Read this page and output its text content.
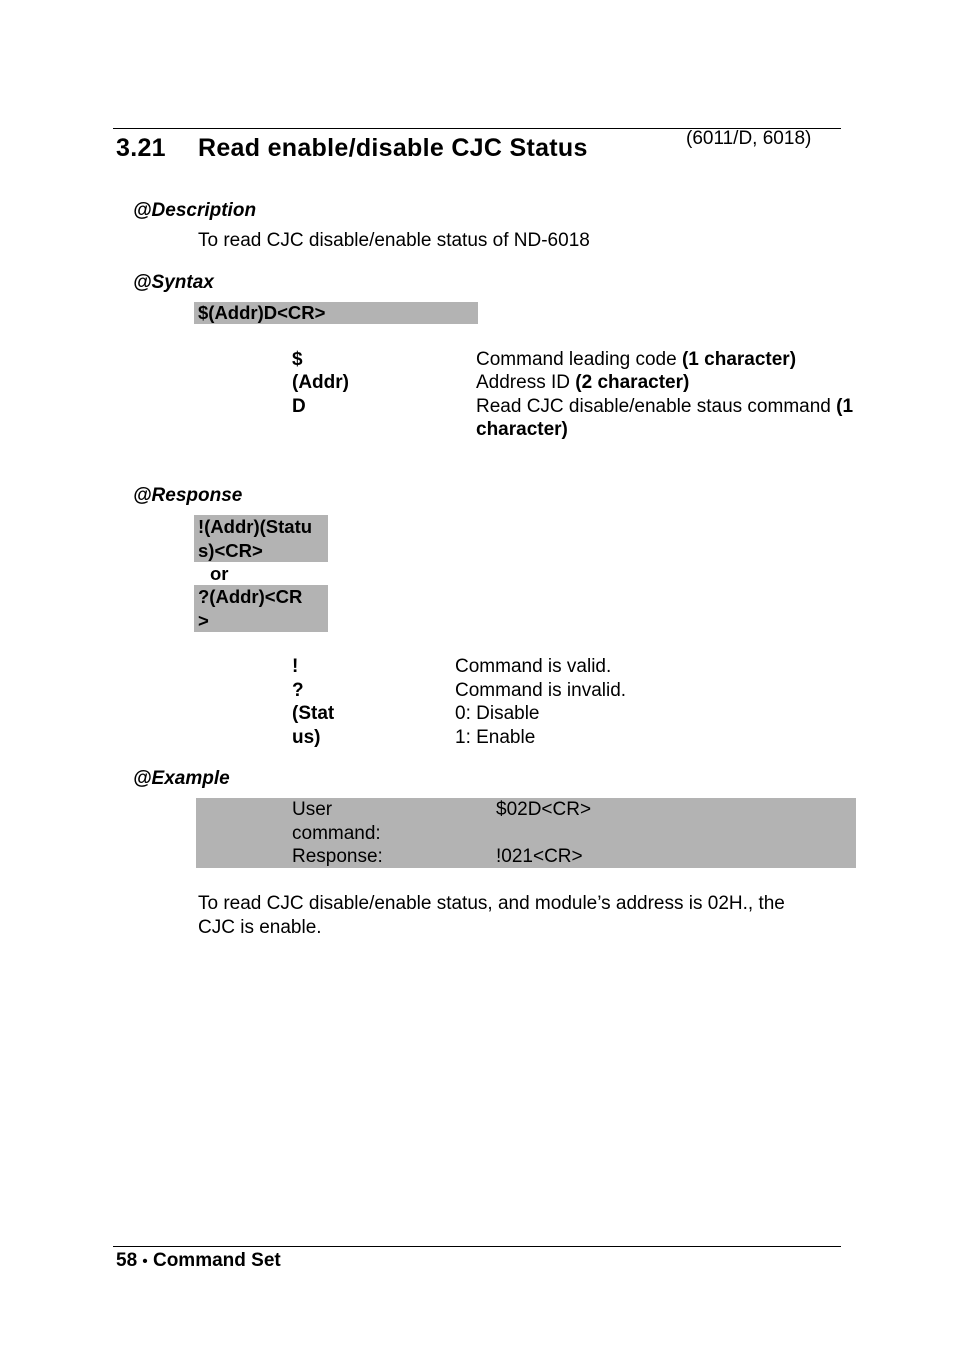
3.21 Read enable/disable CJC Status	(6011/D, 6018)
@Description
To read CJC disable/enable status of ND-6018
@Syntax
$(Addr)D<CR>
$
(Addr)
D
Command leading code (1 character)
Address ID (2 character)
Read CJC disable/enable staus command (1
character)
@Response
!(Addr)(Statu
s)<CR>
or
?(Addr)<CR
>
!
?
(Stat
us)
Command is valid.
Command is invalid.
0: Disable
1: Enable
@Example
User
command:
$02D<CR>
Response:	!021<CR>
To read CJC disable/enable status, and module’s address is 02H., the
CJC is enable.
58 • Command Set
